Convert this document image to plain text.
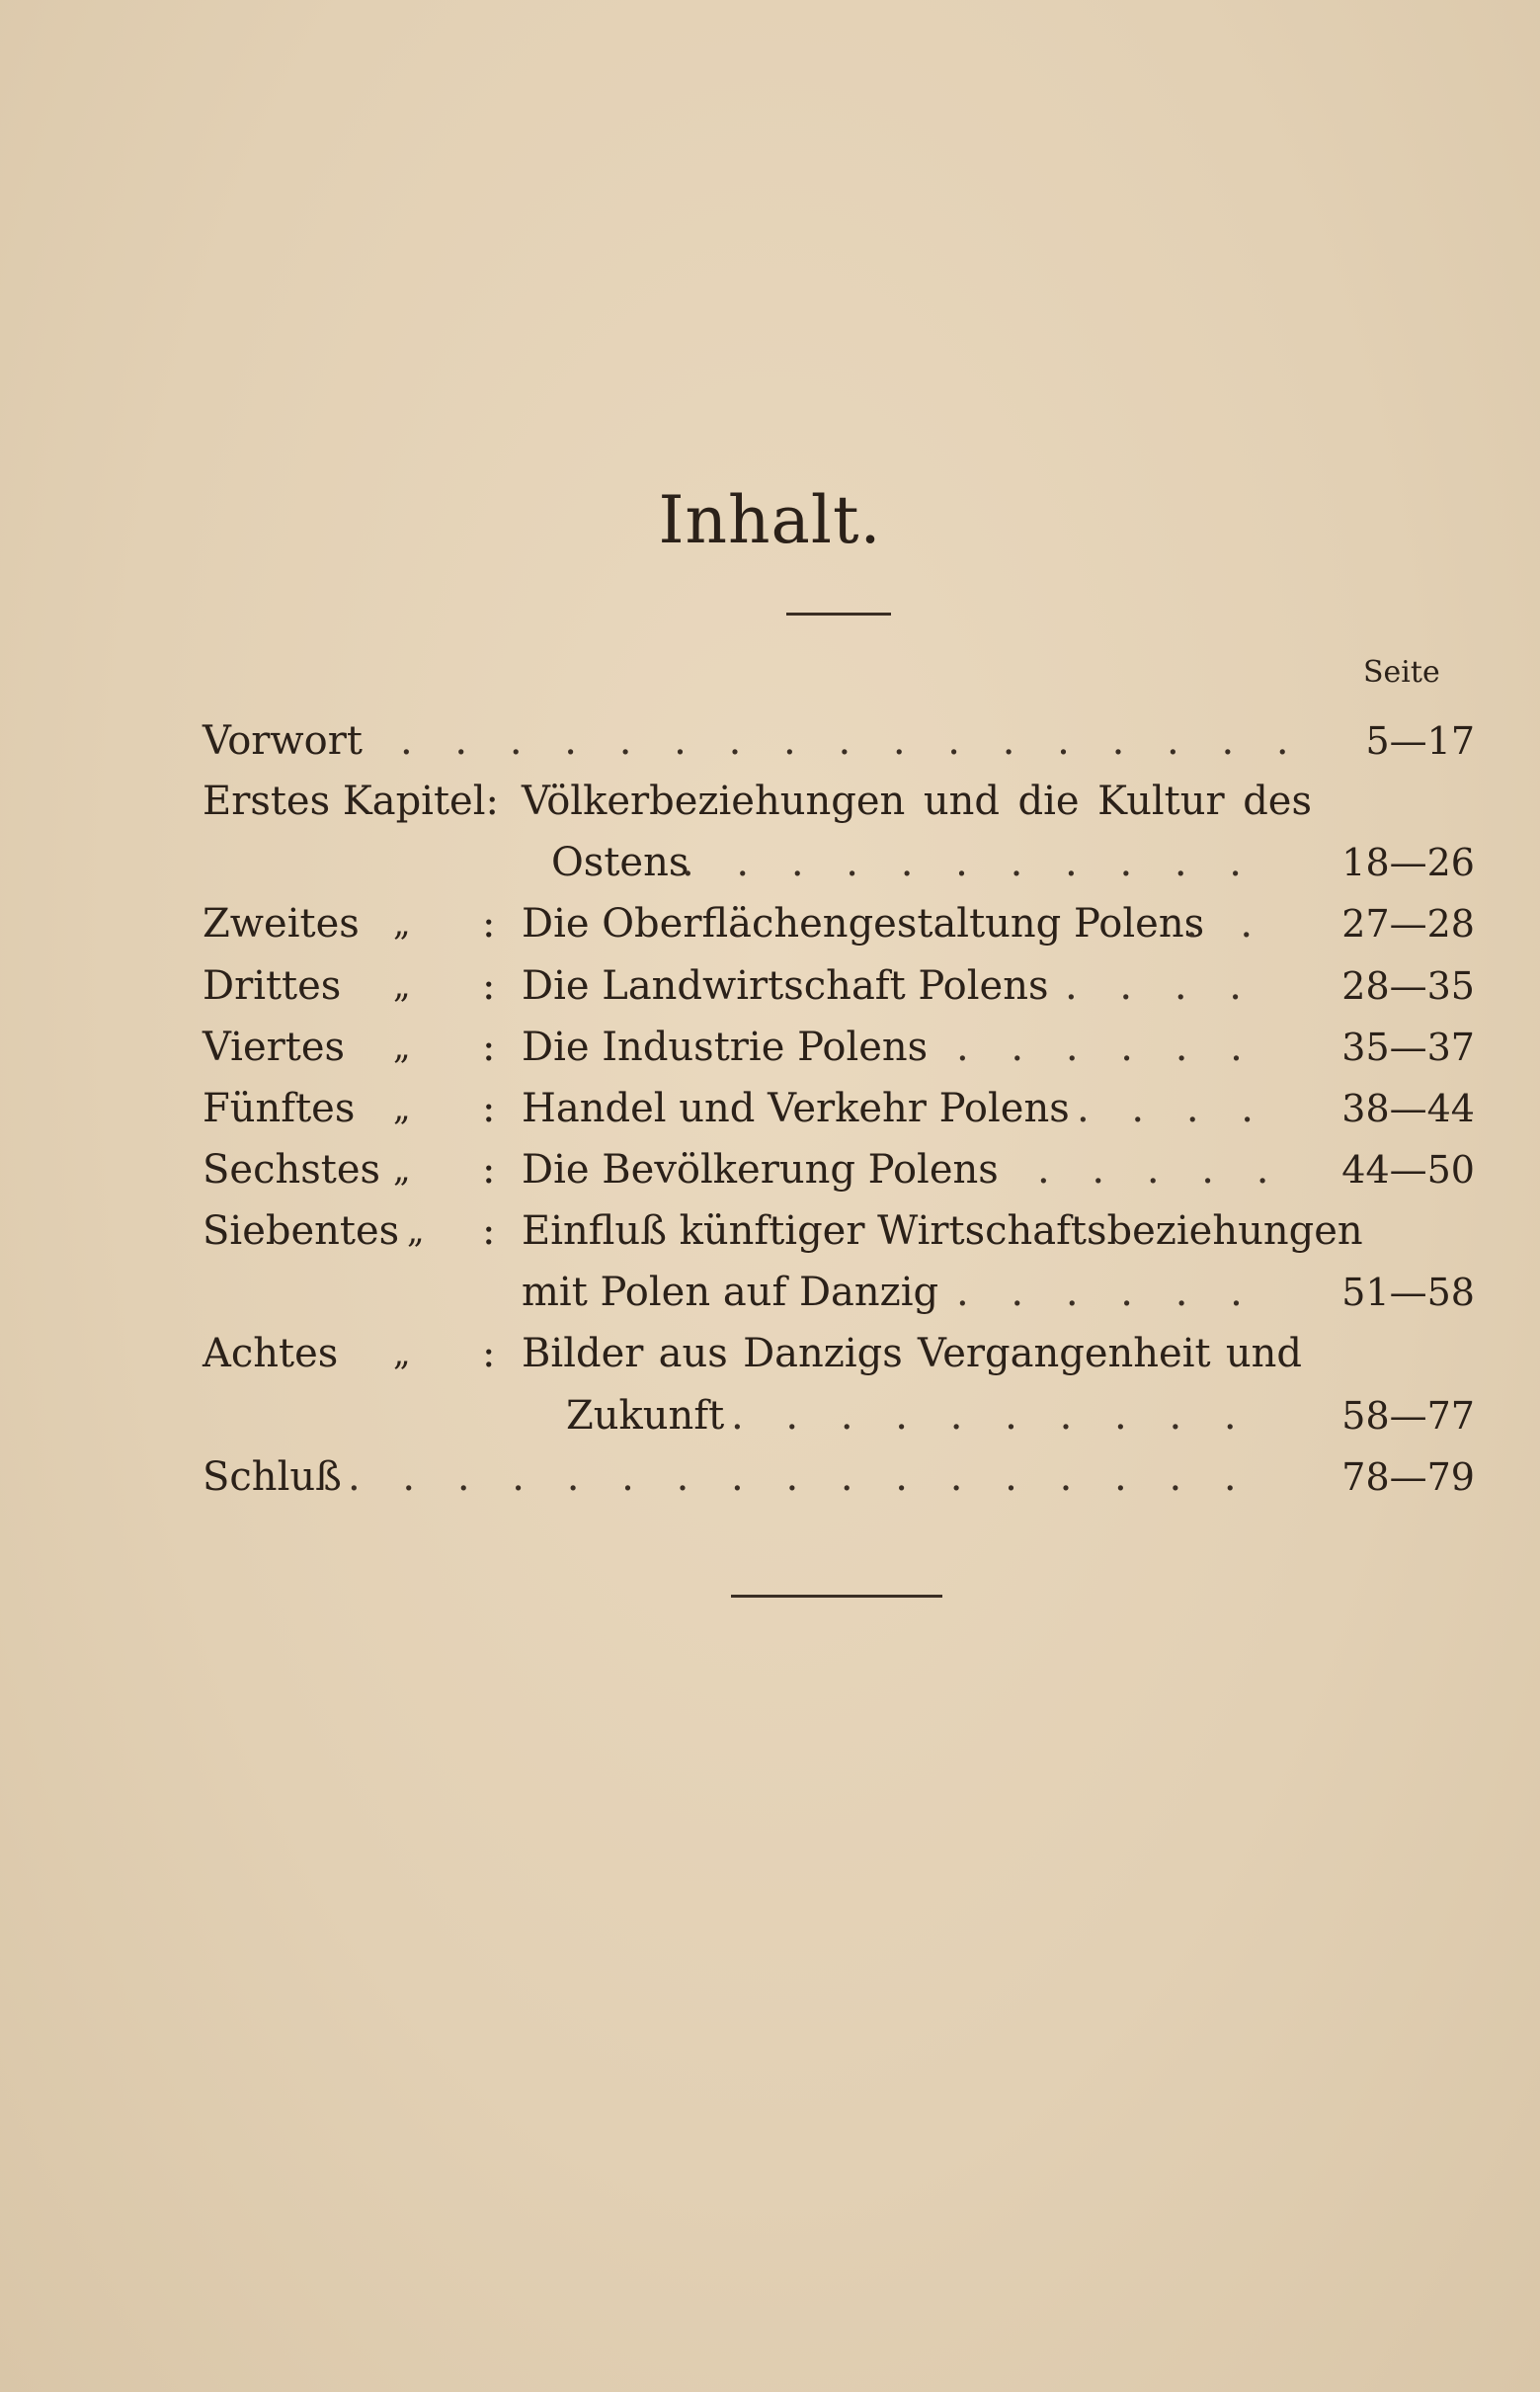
Inhalt.
Seite
Vorwort . . . . . . . . . . . . . . . . .	5—17
Erstes Kapitel: Völkerbeziehungen und die Kultur des
Ostens
. . . . . . . . . . .	18—26
Zweites „ : Die Oberflächengestaltung Polens
. .	27—28
Drittes „ : Die Landwirtschaft Polens . . . .	28—35
Viertes „ : Die Industrie Polens . . . . . .	35—37
Fünftes „ : Handel und Verkehr Polens . . . .	38—44
Sechstes „ : Die Bevölkerung Polens . . . . .	44—50
Siebentes „ : Einfluß künftiger Wirtschaftsbeziehungen
mit Polen auf Danzig . . . . . .	51—58
Achtes „ : Bilder aus Danzigs Vergangenheit und
Zukunft . . . . . . . . . .	58—77
Schluß . . . . . . . . . . . . . . . . .	78—79
